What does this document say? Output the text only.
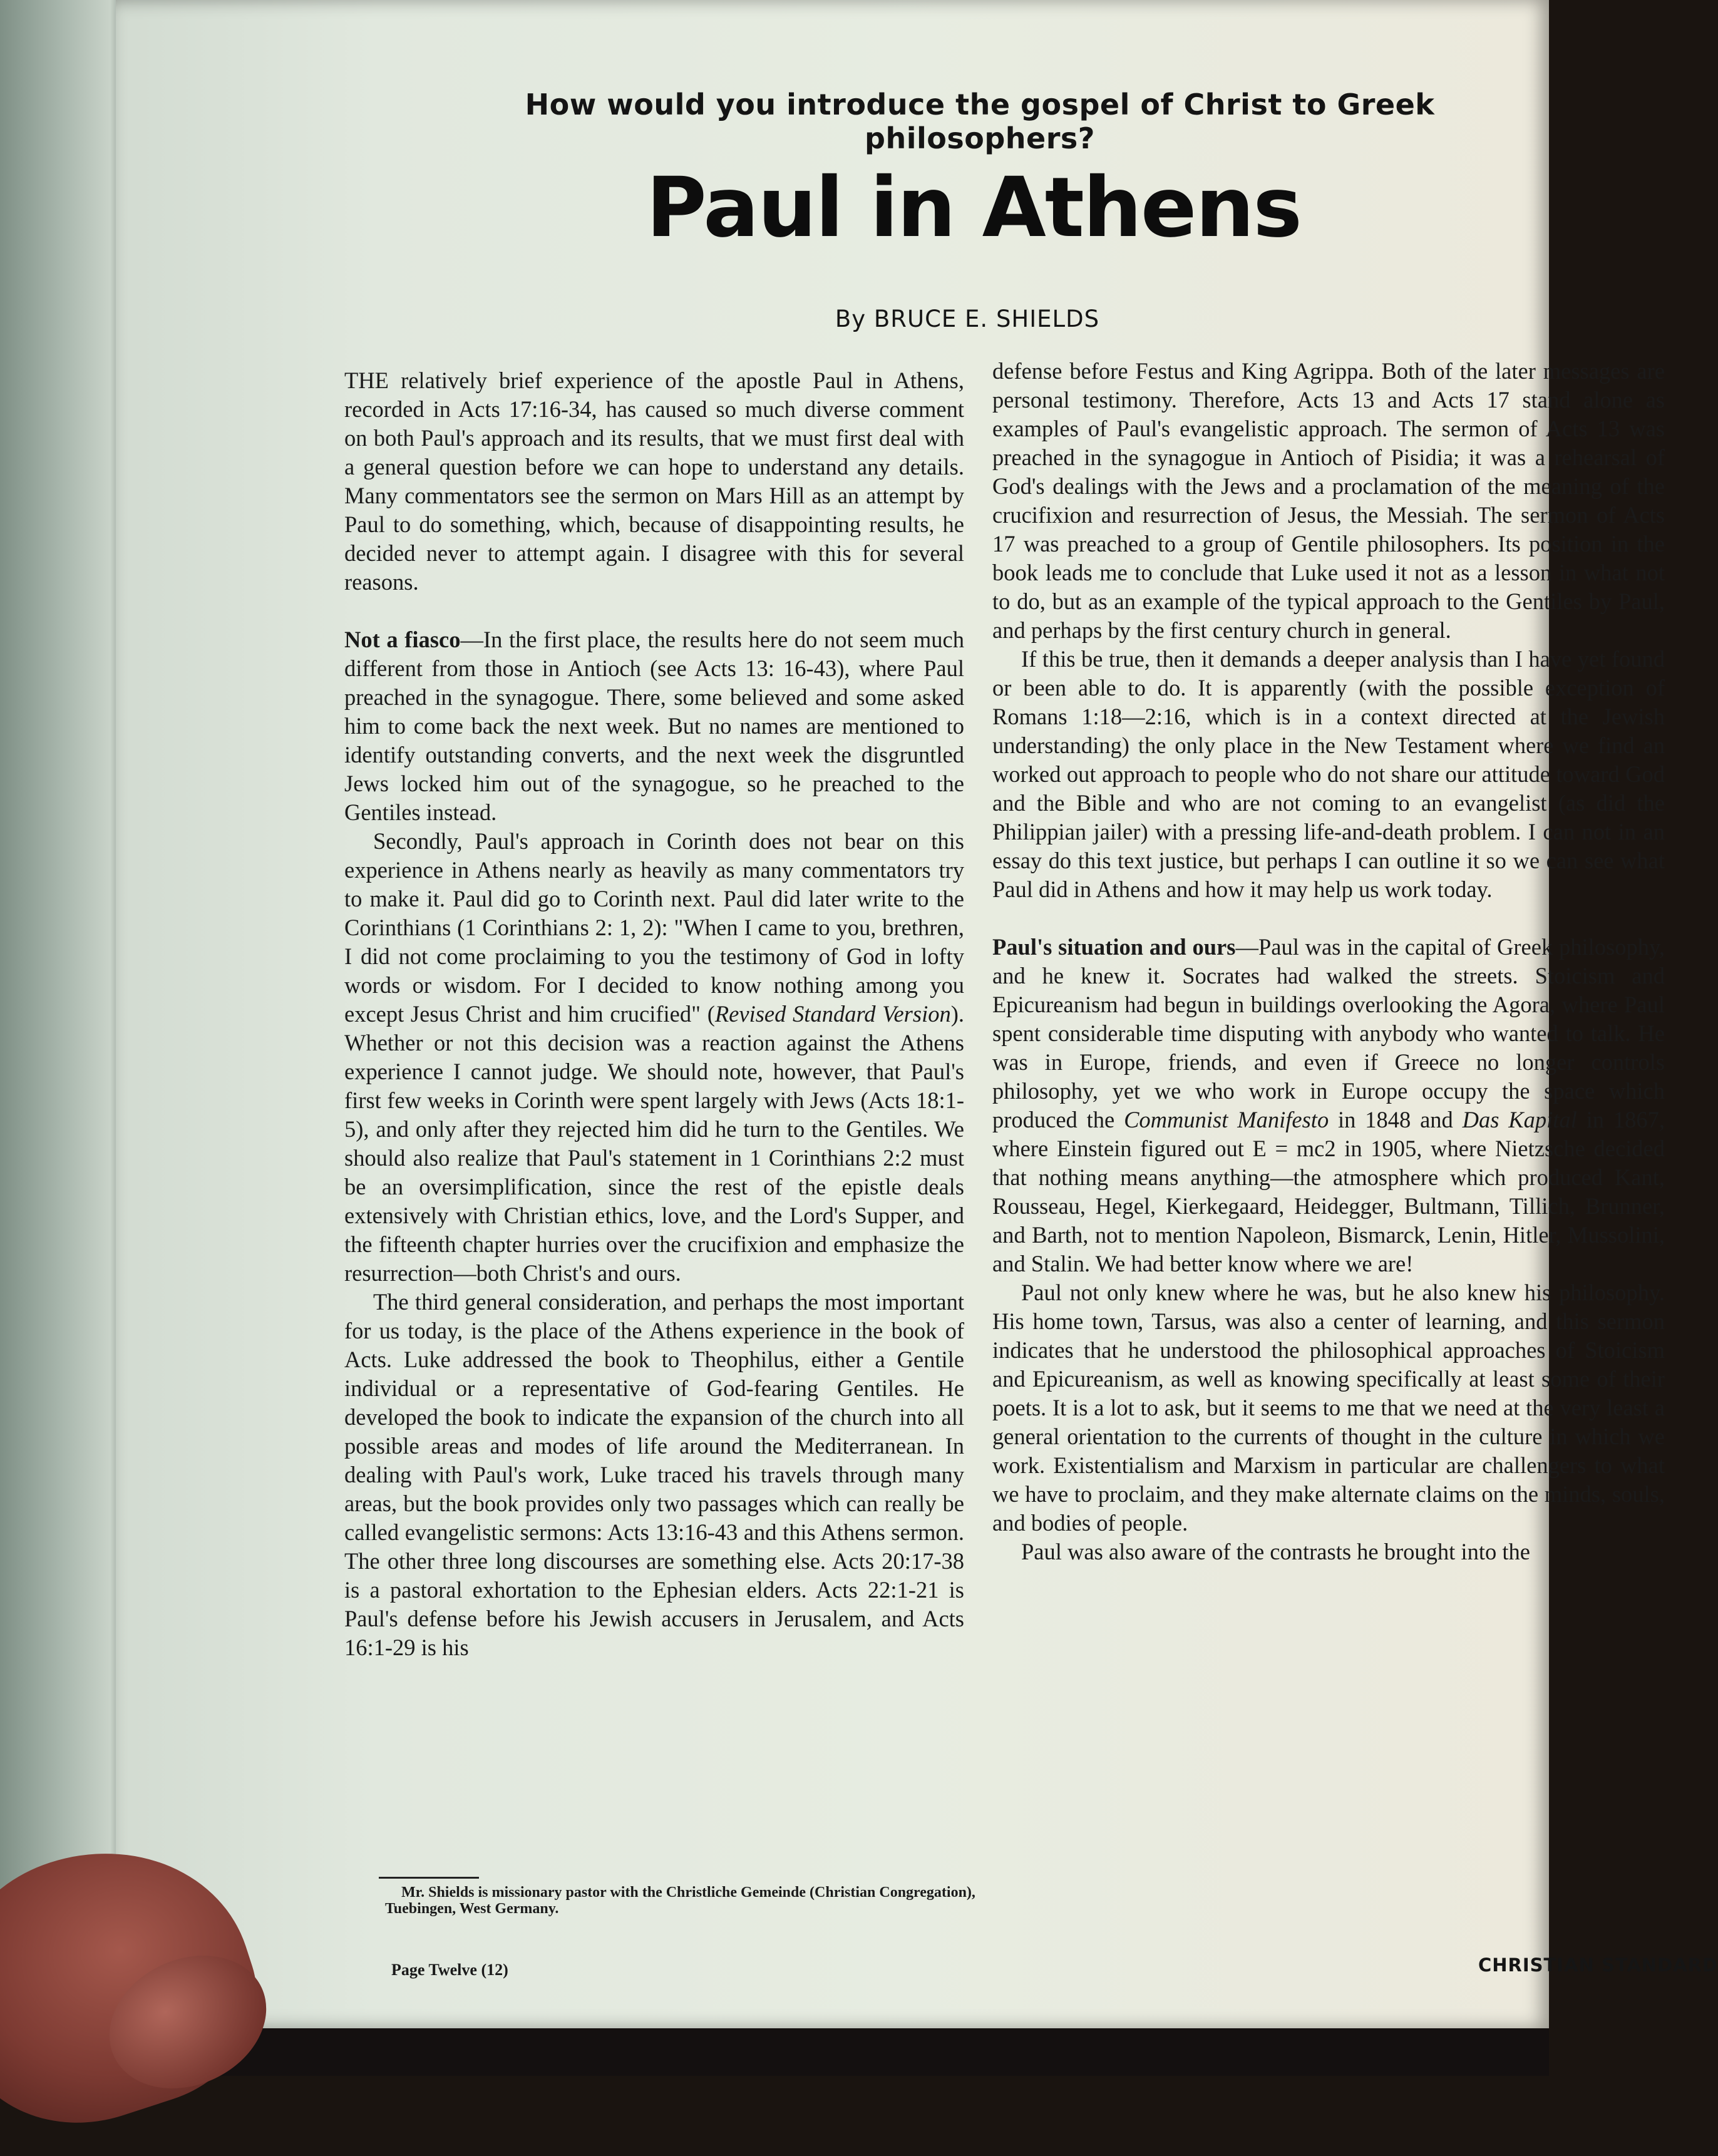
How would you introduce the gospel of Christ to Greek philosophers?
Paul in Athens
By BRUCE E. SHIELDS

THE relatively brief experience of the apostle Paul in Athens, recorded in Acts 17:16-34, has caused so much diverse comment on both Paul's approach and its results, that we must first deal with a general question before we can hope to understand any details. Many commentators see the sermon on Mars Hill as an attempt by Paul to do something, which, because of disappointing results, he decided never to attempt again. I disagree with this for several reasons.

Not a fiasco—In the first place, the results here do not seem much different from those in Antioch (see Acts 13: 16-43), where Paul preached in the synagogue. There, some believed and some asked him to come back the next week. But no names are mentioned to identify outstanding converts, and the next week the disgruntled Jews locked him out of the synagogue, so he preached to the Gentiles instead.

Secondly, Paul's approach in Corinth does not bear on this experience in Athens nearly as heavily as many commentators try to make it. Paul did go to Corinth next. Paul did later write to the Corinthians (1 Corinthians 2: 1, 2): "When I came to you, brethren, I did not come proclaiming to you the testimony of God in lofty words or wisdom. For I decided to know nothing among you except Jesus Christ and him crucified" (Revised Standard Version). Whether or not this decision was a reaction against the Athens experience I cannot judge. We should note, however, that Paul's first few weeks in Corinth were spent largely with Jews (Acts 18:1-5), and only after they rejected him did he turn to the Gentiles. We should also realize that Paul's statement in 1 Corinthians 2:2 must be an oversimplification, since the rest of the epistle deals extensively with Christian ethics, love, and the Lord's Supper, and the fifteenth chapter hurries over the crucifixion and emphasize the resurrection—both Christ's and ours.

The third general consideration, and perhaps the most important for us today, is the place of the Athens experience in the book of Acts. Luke addressed the book to Theophilus, either a Gentile individual or a representative of God-fearing Gentiles. He developed the book to indicate the expansion of the church into all possible areas and modes of life around the Mediterranean. In dealing with Paul's work, Luke traced his travels through many areas, but the book provides only two passages which can really be called evangelistic sermons: Acts 13:16-43 and this Athens sermon. The other three long discourses are something else. Acts 20:17-38 is a pastoral exhortation to the Ephesian elders. Acts 22:1-21 is Paul's defense before his Jewish accusers in Jerusalem, and Acts 16:1-29 is his

defense before Festus and King Agrippa. Both of the later messages are personal testimony. Therefore, Acts 13 and Acts 17 stand alone as examples of Paul's evangelistic approach. The sermon of Acts 13 was preached in the synagogue in Antioch of Pisidia; it was a rehearsal of God's dealings with the Jews and a proclamation of the meaning of the crucifixion and resurrection of Jesus, the Messiah. The sermon of Acts 17 was preached to a group of Gentile philosophers. Its position in the book leads me to conclude that Luke used it not as a lesson in what not to do, but as an example of the typical approach to the Gentiles by Paul, and perhaps by the first century church in general.

If this be true, then it demands a deeper analysis than I have yet found or been able to do. It is apparently (with the possible exception of Romans 1:18—2:16, which is in a context directed at the Jewish understanding) the only place in the New Testament where we find an worked out approach to people who do not share our attitude toward God and the Bible and who are not coming to an evangelist (as did the Philippian jailer) with a pressing life-and-death problem. I can not in an essay do this text justice, but perhaps I can outline it so we can see what Paul did in Athens and how it may help us work today.

Paul's situation and ours—Paul was in the capital of Greek philosophy, and he knew it. Socrates had walked the streets. Stoicism and Epicureanism had begun in buildings overlooking the Agora, where Paul spent considerable time disputing with anybody who wanted to talk. He was in Europe, friends, and even if Greece no longer controls philosophy, yet we who work in Europe occupy the space which produced the Communist Manifesto in 1848 and Das Kapital in 1867, where Einstein figured out E = mc2 in 1905, where Nietzsche decided that nothing means anything—the atmosphere which produced Kant, Rousseau, Hegel, Kierkegaard, Heidegger, Bultmann, Tillich, Brunner, and Barth, not to mention Napoleon, Bismarck, Lenin, Hitler, Mussolini, and Stalin. We had better know where we are!

Paul not only knew where he was, but he also knew his philosophy. His home town, Tarsus, was also a center of learning, and this sermon indicates that he understood the philosophical approaches of Stoicism and Epicureanism, as well as knowing specifically at least some of their poets. It is a lot to ask, but it seems to me that we need at the very least a general orientation to the currents of thought in the culture in which we work. Existentialism and Marxism in particular are challengers to what we have to proclaim, and they make alternate claims on the minds, souls, and bodies of people.

Paul was also aware of the contrasts he brought into the

Mr. Shields is missionary pastor with the Christliche Gemeinde (Christian Congregation), Tuebingen, West Germany.
Page Twelve (12)	CHRISTIAN STANDARD
